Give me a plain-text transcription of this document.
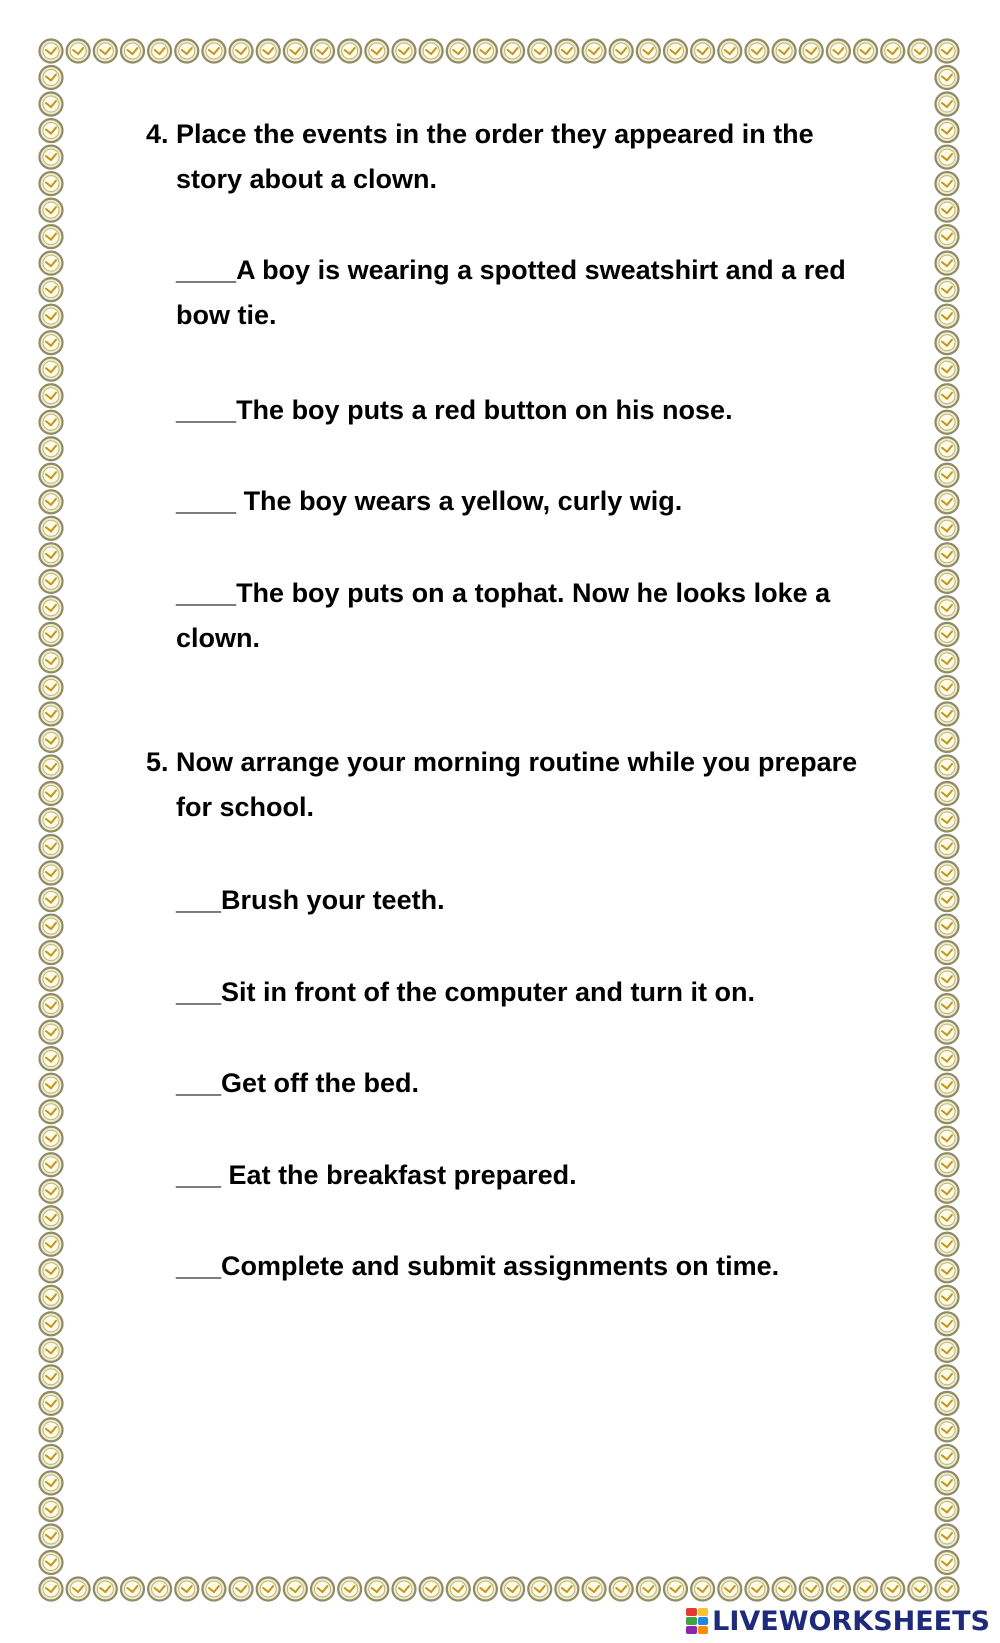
4. Place the events in the order they appeared in the story about a clown.
____A boy is wearing a spotted sweatshirt and a red bow tie.
____The boy puts a red button on his nose.
____ The boy wears a yellow, curly wig.
____The boy puts on a tophat. Now he looks loke a clown.
5. Now arrange your morning routine while you prepare for school.
___Brush your teeth.
___Sit in front of the computer and turn it on.
___Get off the bed.
___ Eat the breakfast prepared.
___Complete and submit assignments on time.
LIVEWORKSHEETS
